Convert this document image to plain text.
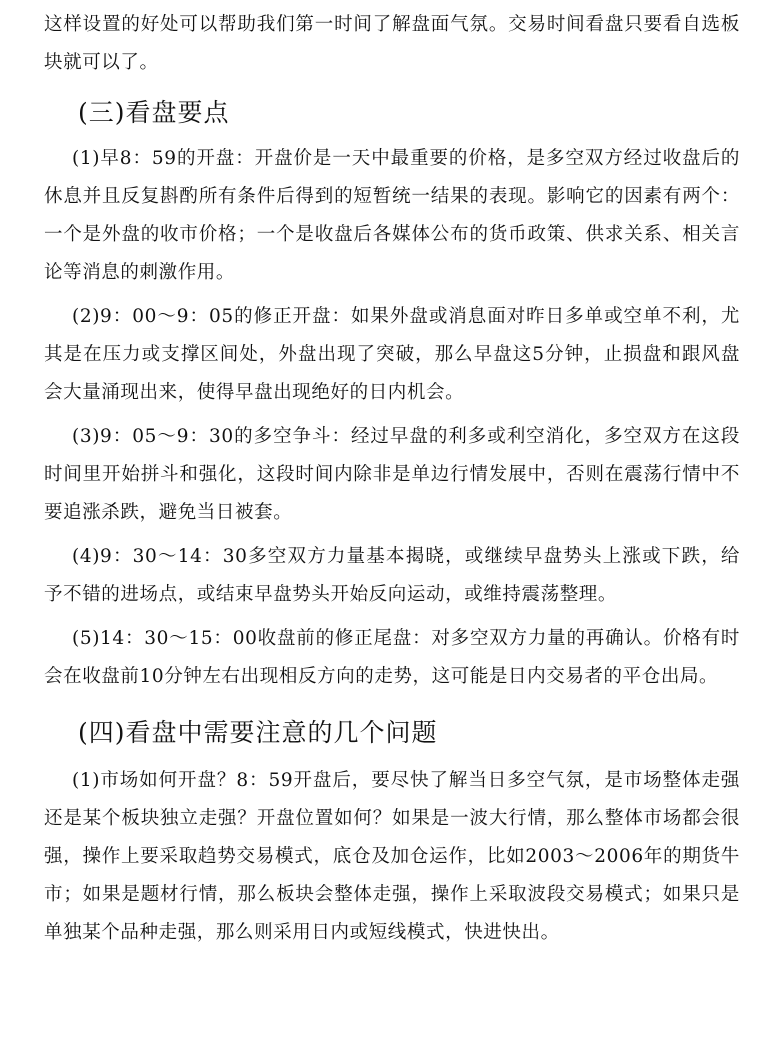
这样设置的好处可以帮助我们第一时间了解盘面气氛。交易时间看盘只要看自选板块就可以了。

(三)看盘要点

(1)早8：59的开盘：开盘价是一天中最重要的价格，是多空双方经过收盘后的休息并且反复斟酌所有条件后得到的短暂统一结果的表现。影响它的因素有两个：一个是外盘的收市价格；一个是收盘后各媒体公布的货币政策、供求关系、相关言论等消息的刺激作用。

(2)9：00～9：05的修正开盘：如果外盘或消息面对昨日多单或空单不利，尤其是在压力或支撑区间处，外盘出现了突破，那么早盘这5分钟，止损盘和跟风盘会大量涌现出来，使得早盘出现绝好的日内机会。

(3)9：05～9：30的多空争斗：经过早盘的利多或利空消化，多空双方在这段时间里开始拼斗和强化，这段时间内除非是单边行情发展中，否则在震荡行情中不要追涨杀跌，避免当日被套。

(4)9：30～14：30多空双方力量基本揭晓，或继续早盘势头上涨或下跌，给予不错的进场点，或结束早盘势头开始反向运动，或维持震荡整理。

(5)14：30～15：00收盘前的修正尾盘：对多空双方力量的再确认。价格有时会在收盘前10分钟左右出现相反方向的走势，这可能是日内交易者的平仓出局。

(四)看盘中需要注意的几个问题

(1)市场如何开盘？8：59开盘后，要尽快了解当日多空气氛，是市场整体走强还是某个板块独立走强？开盘位置如何？如果是一波大行情，那么整体市场都会很强，操作上要采取趋势交易模式，底仓及加仓运作，比如2003～2006年的期货牛市；如果是题材行情，那么板块会整体走强，操作上采取波段交易模式；如果只是单独某个品种走强，那么则采用日内或短线模式，快进快出。
